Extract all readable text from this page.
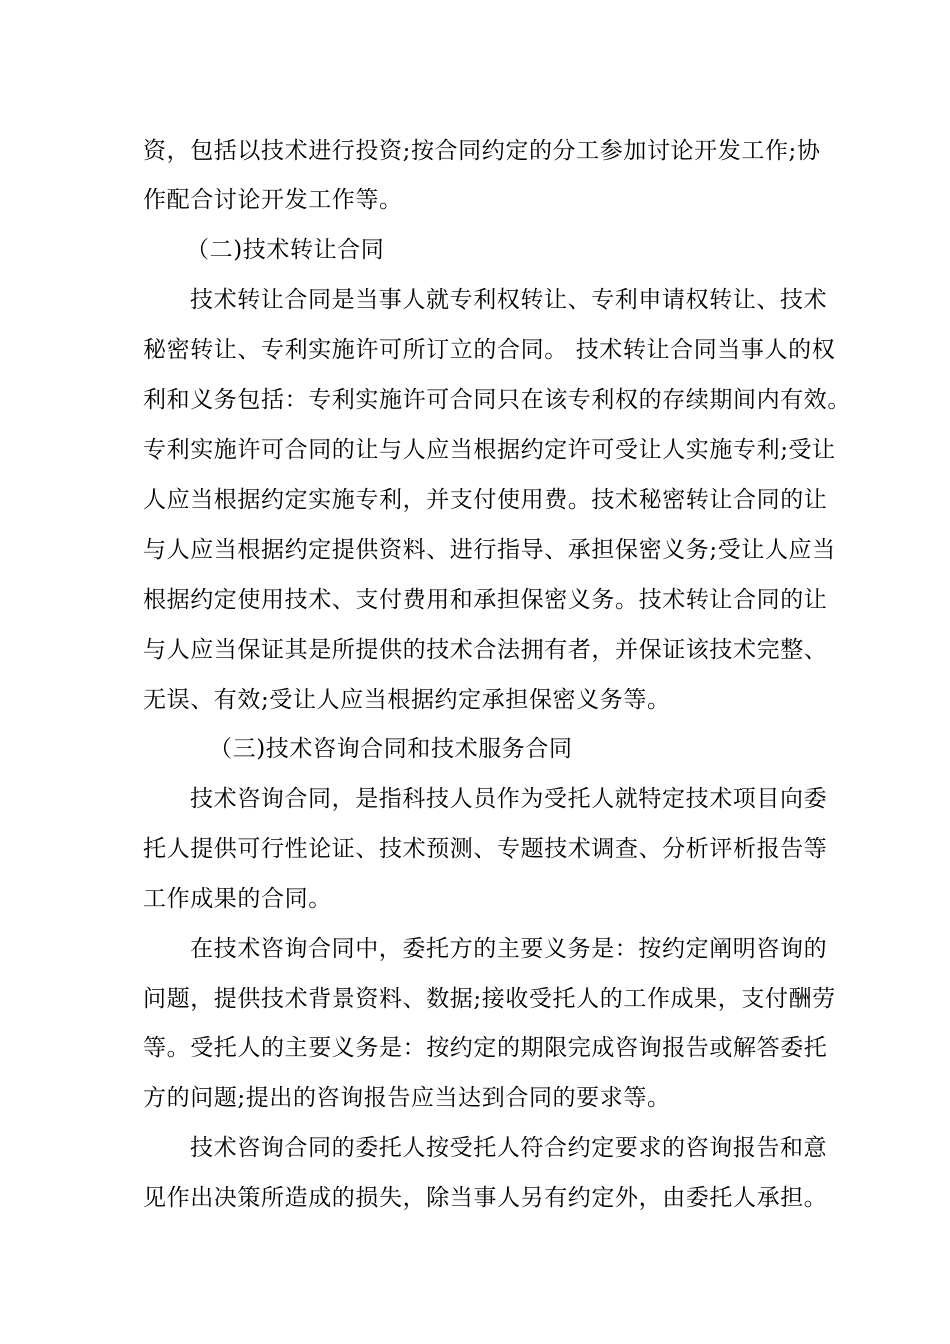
资，包括以技术进行投资;按合同约定的分工参加讨论开发工作;协
作配合讨论开发工作等。
（二)技术转让合同
技术转让合同是当事人就专利权转让、专利申请权转让、技术
秘密转让、专利实施许可所订立的合同。 技术转让合同当事人的权
利和义务包括：专利实施许可合同只在该专利权的存续期间内有效。
专利实施许可合同的让与人应当根据约定许可受让人实施专利;受让
人应当根据约定实施专利，并支付使用费。技术秘密转让合同的让
与人应当根据约定提供资料、进行指导、承担保密义务;受让人应当
根据约定使用技术、支付费用和承担保密义务。技术转让合同的让
与人应当保证其是所提供的技术合法拥有者，并保证该技术完整、
无误、有效;受让人应当根据约定承担保密义务等。
（三)技术咨询合同和技术服务合同
技术咨询合同，是指科技人员作为受托人就特定技术项目向委
托人提供可行性论证、技术预测、专题技术调查、分析评析报告等
工作成果的合同。
在技术咨询合同中，委托方的主要义务是：按约定阐明咨询的
问题，提供技术背景资料、数据;接收受托人的工作成果，支付酬劳
等。受托人的主要义务是：按约定的期限完成咨询报告或解答委托
方的问题;提出的咨询报告应当达到合同的要求等。
技术咨询合同的委托人按受托人符合约定要求的咨询报告和意
见作出决策所造成的损失，除当事人另有约定外，由委托人承担。
